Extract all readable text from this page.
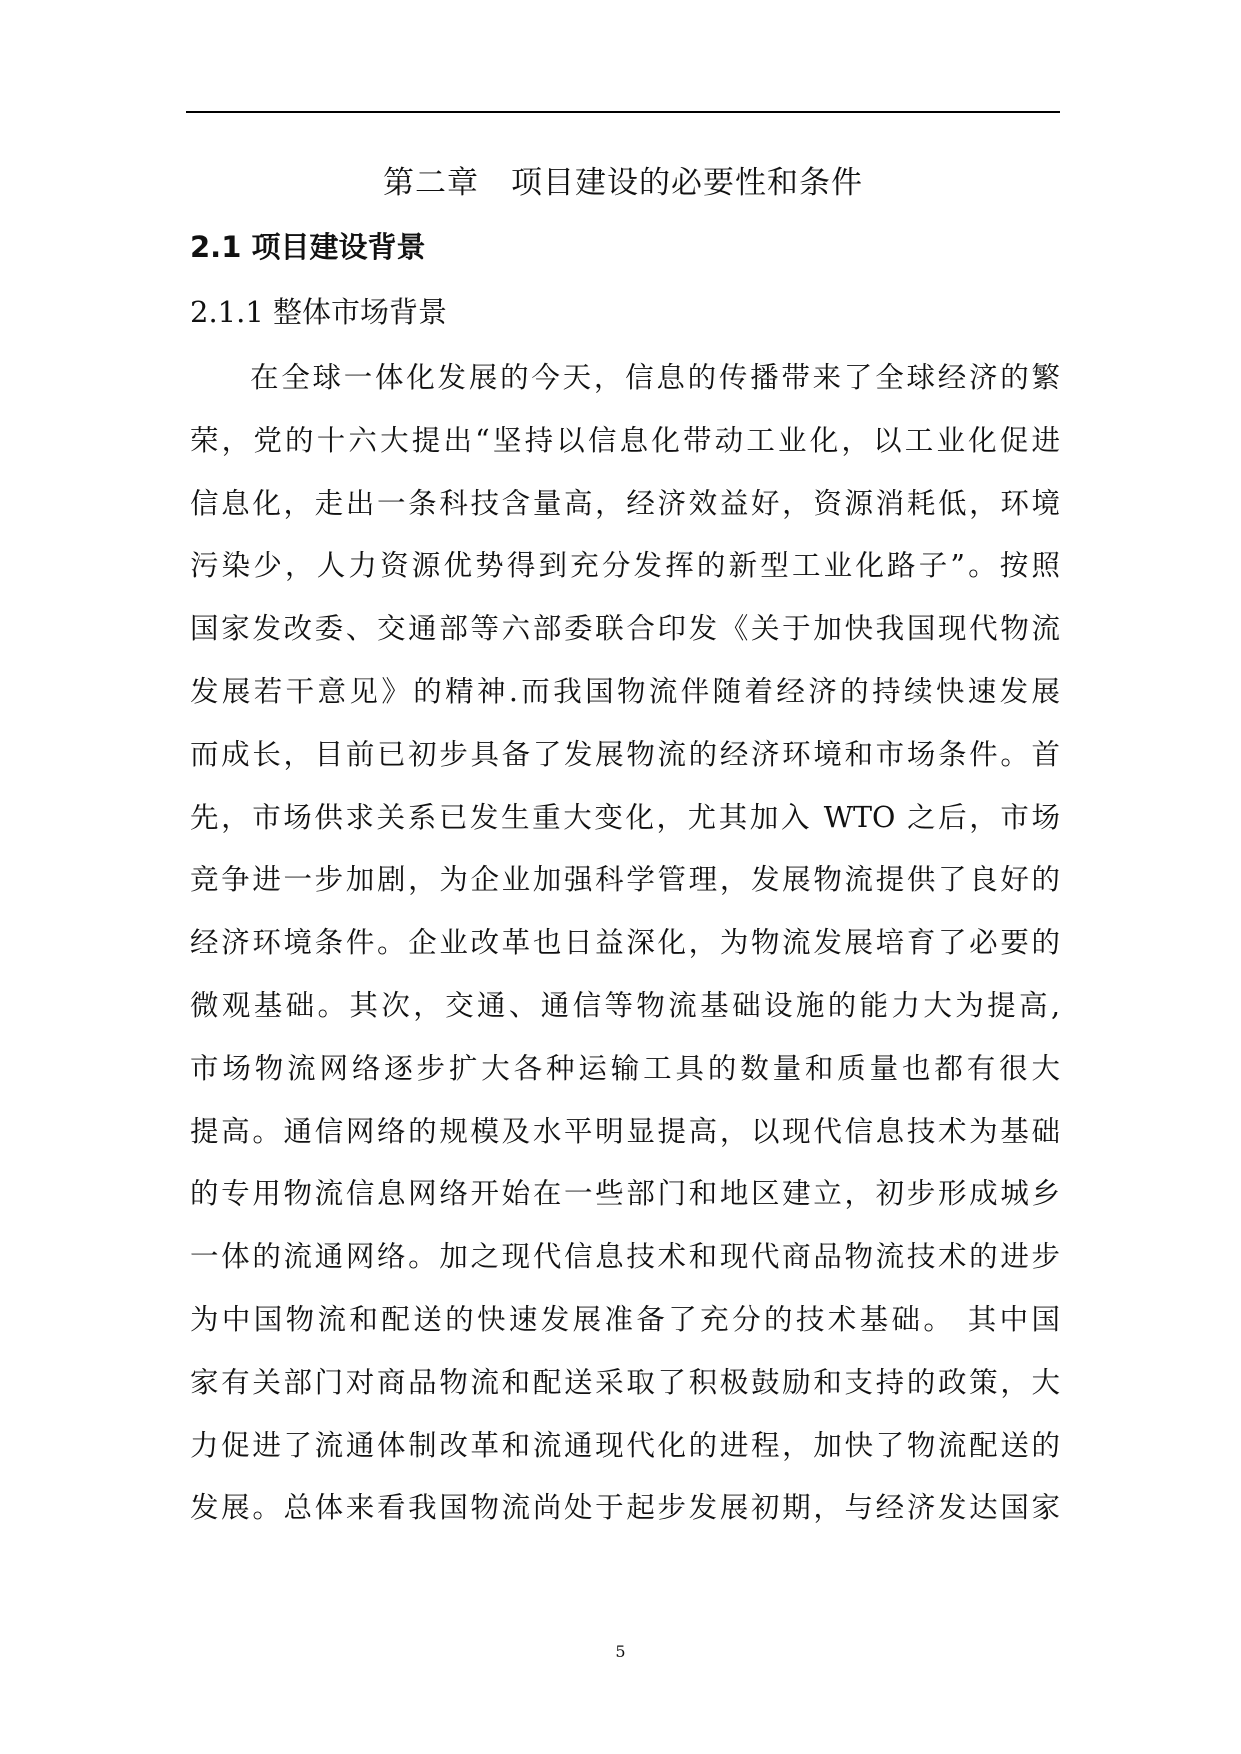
第二章　项目建设的必要性和条件
2.1 项目建设背景
2.1.1 整体市场背景
在全球一体化发展的今天，信息的传播带来了全球经济的繁
荣，党的十六大提出“坚持以信息化带动工业化，以工业化促进
信息化，走出一条科技含量高，经济效益好，资源消耗低，环境
污染少，人力资源优势得到充分发挥的新型工业化路子”。按照
国家发改委、交通部等六部委联合印发《关于加快我国现代物流
发展若干意见》的精神.而我国物流伴随着经济的持续快速发展
而成长，目前已初步具备了发展物流的经济环境和市场条件。首
先，市场供求关系已发生重大变化，尤其加入 WTO 之后，市场
竞争进一步加剧，为企业加强科学管理，发展物流提供了良好的
经济环境条件。企业改革也日益深化，为物流发展培育了必要的
微观基础。其次，交通、通信等物流基础设施的能力大为提高,
市场物流网络逐步扩大各种运输工具的数量和质量也都有很大
提高。通信网络的规模及水平明显提高，以现代信息技术为基础
的专用物流信息网络开始在一些部门和地区建立，初步形成城乡
一体的流通网络。加之现代信息技术和现代商品物流技术的进步
为中国物流和配送的快速发展准备了充分的技术基础。 其中国
家有关部门对商品物流和配送采取了积极鼓励和支持的政策，大
力促进了流通体制改革和流通现代化的进程，加快了物流配送的
发展。总体来看我国物流尚处于起步发展初期，与经济发达国家
5
